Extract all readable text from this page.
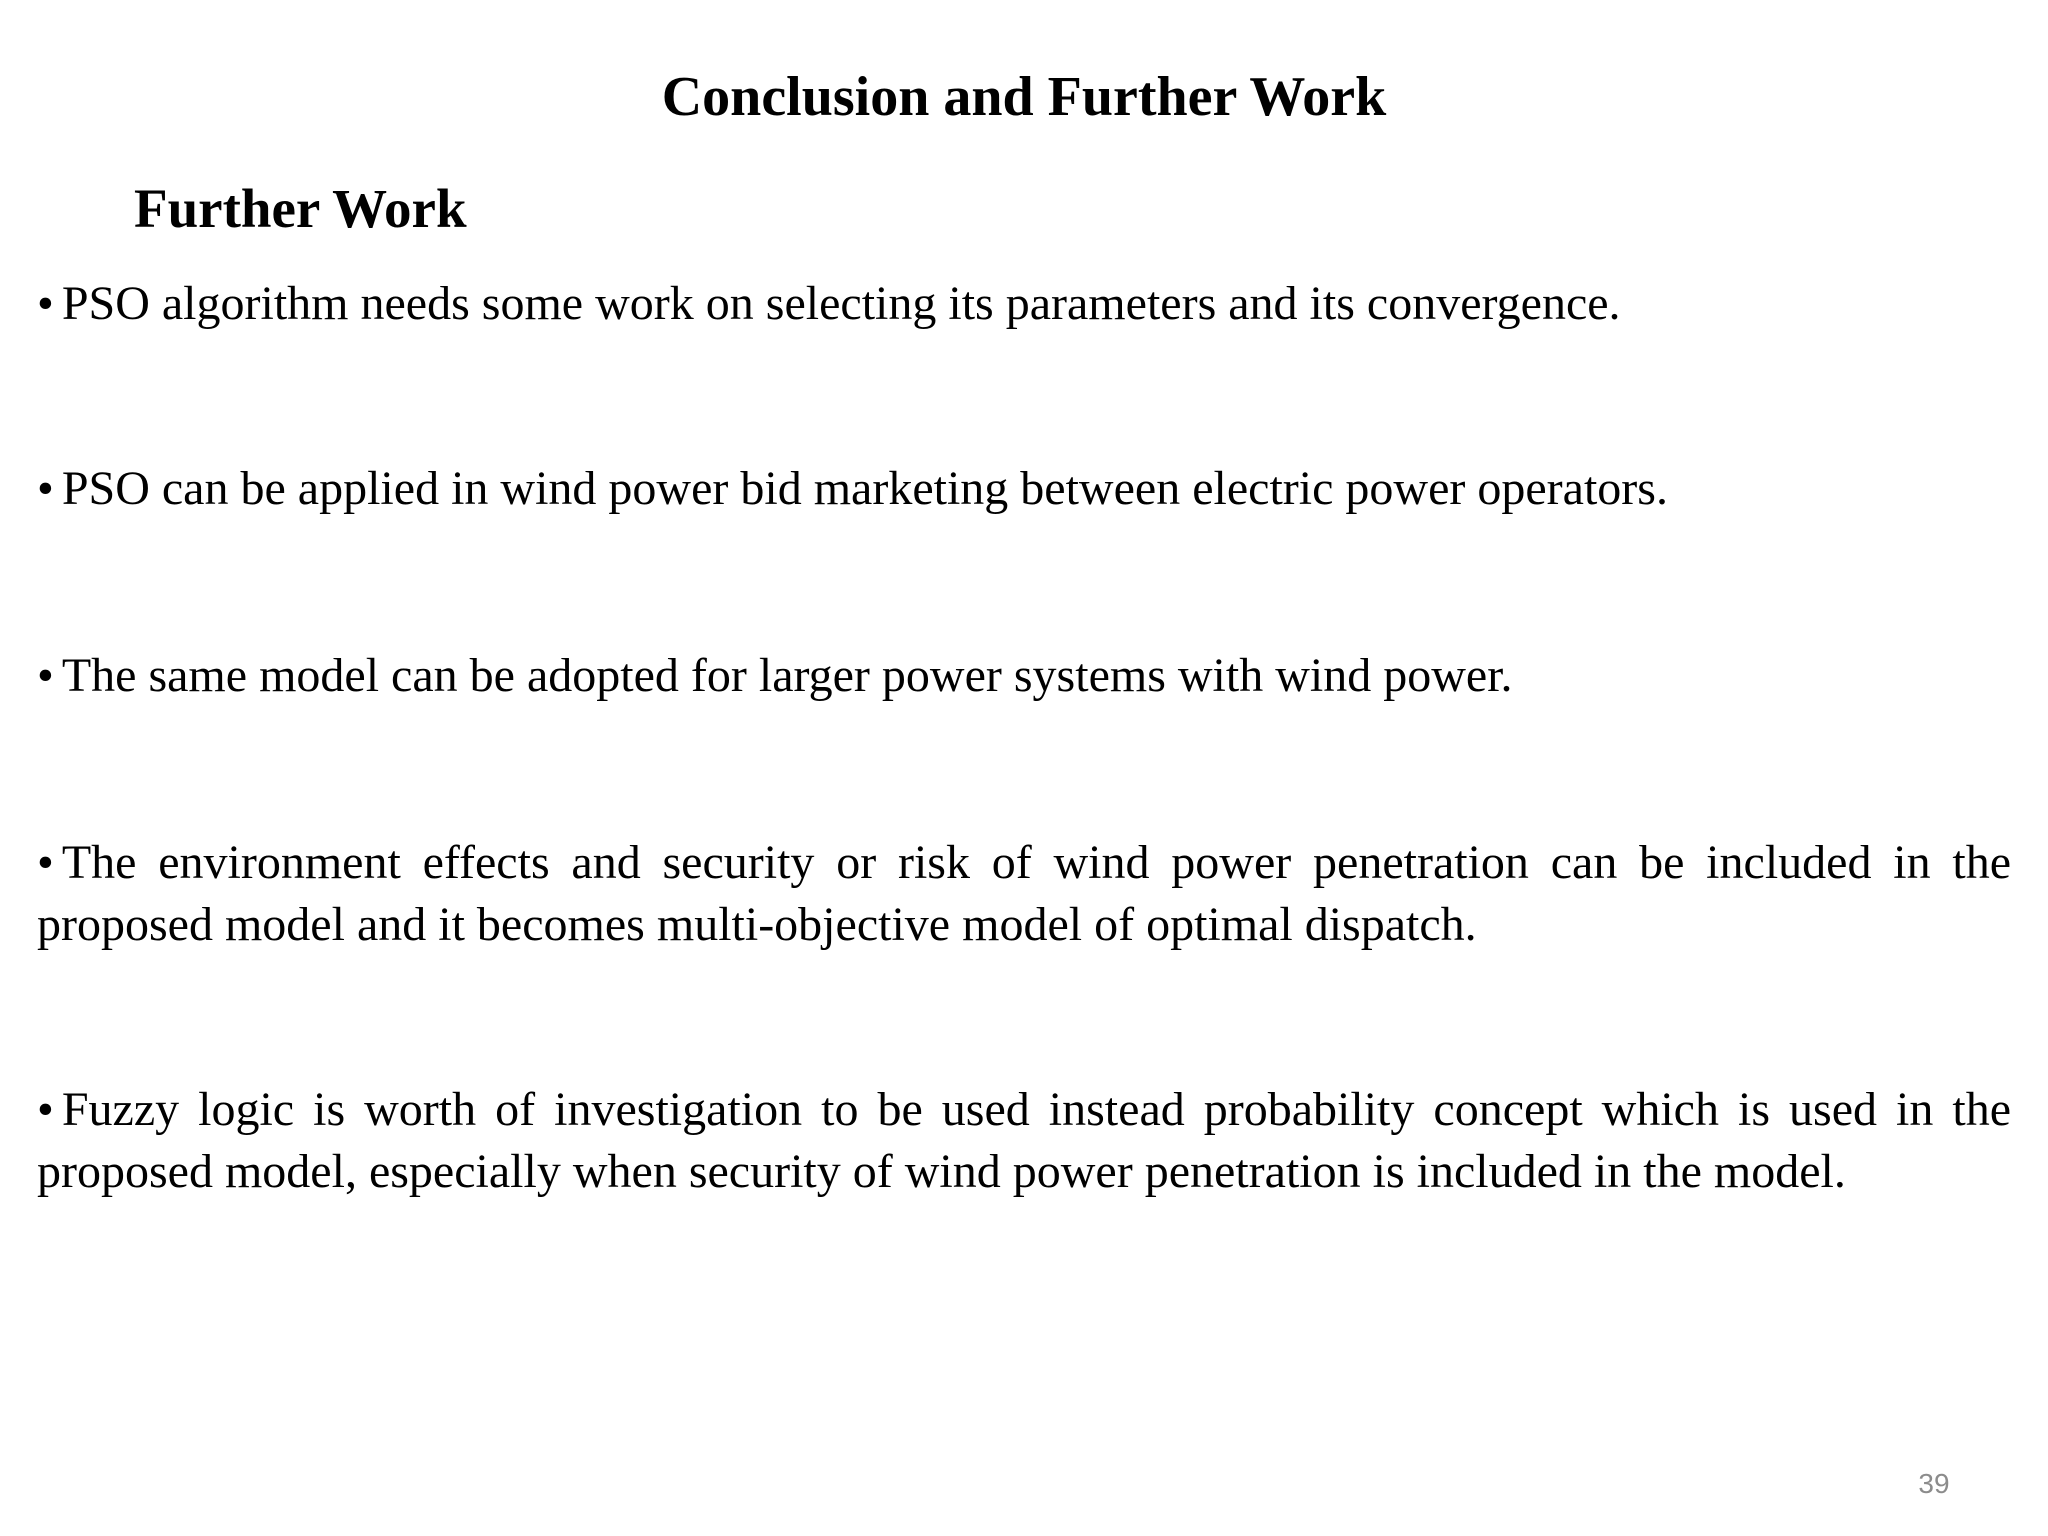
Conclusion and Further Work
Further Work

• PSO algorithm needs some work on selecting its parameters and its convergence.

• PSO can be applied in wind power bid marketing between electric power operators.

• The same model can be adopted for larger power systems with wind power.

• The environment effects and security or risk of wind power penetration can be included in the proposed model and it becomes multi-objective model of optimal dispatch.

• Fuzzy logic is worth of investigation to be used instead probability concept which is used in the proposed model, especially when security of wind power penetration is included in the model.

39
